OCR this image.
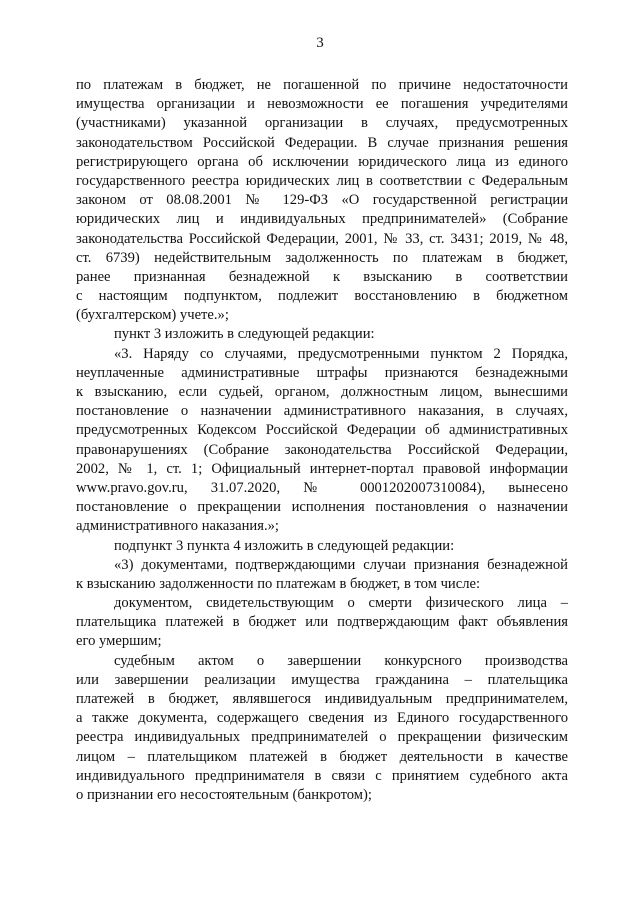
3
по платежам в бюджет, не погашенной по причине недостаточности
имущества организации и невозможности ее погашения учредителями
(участниками) указанной организации в случаях, предусмотренных
законодательством Российской Федерации. В случае признания решения
регистрирующего органа об исключении юридического лица из единого
государственного реестра юридических лиц в соответствии с Федеральным
законом от 08.08.2001 № 129-ФЗ «О государственной регистрации
юридических лиц и индивидуальных предпринимателей» (Собрание
законодательства Российской Федерации, 2001, № 33, ст. 3431; 2019, № 48,
ст. 6739) недействительным задолженность по платежам в бюджет,
ранее признанная безнадежной к взысканию в соответствии
с настоящим подпунктом, подлежит восстановлению в бюджетном
(бухгалтерском) учете.»;
пункт 3 изложить в следующей редакции:
«3. Наряду со случаями, предусмотренными пунктом 2 Порядка,
неуплаченные административные штрафы признаются безнадежными
к взысканию, если судьей, органом, должностным лицом, вынесшими
постановление о назначении административного наказания, в случаях,
предусмотренных Кодексом Российской Федерации об административных
правонарушениях (Собрание законодательства Российской Федерации,
2002, № 1, ст. 1; Официальный интернет-портал правовой информации
www.pravo.gov.ru, 31.07.2020, № 0001202007310084), вынесено
постановление о прекращении исполнения постановления о назначении
административного наказания.»;
подпункт 3 пункта 4 изложить в следующей редакции:
«3) документами, подтверждающими случаи признания безнадежной
к взысканию задолженности по платежам в бюджет, в том числе:
документом, свидетельствующим о смерти физического лица –
плательщика платежей в бюджет или подтверждающим факт объявления
его умершим;
судебным актом о завершении конкурсного производства
или завершении реализации имущества гражданина – плательщика
платежей в бюджет, являвшегося индивидуальным предпринимателем,
а также документа, содержащего сведения из Единого государственного
реестра индивидуальных предпринимателей о прекращении физическим
лицом – плательщиком платежей в бюджет деятельности в качестве
индивидуального предпринимателя в связи с принятием судебного акта
о признании его несостоятельным (банкротом);
